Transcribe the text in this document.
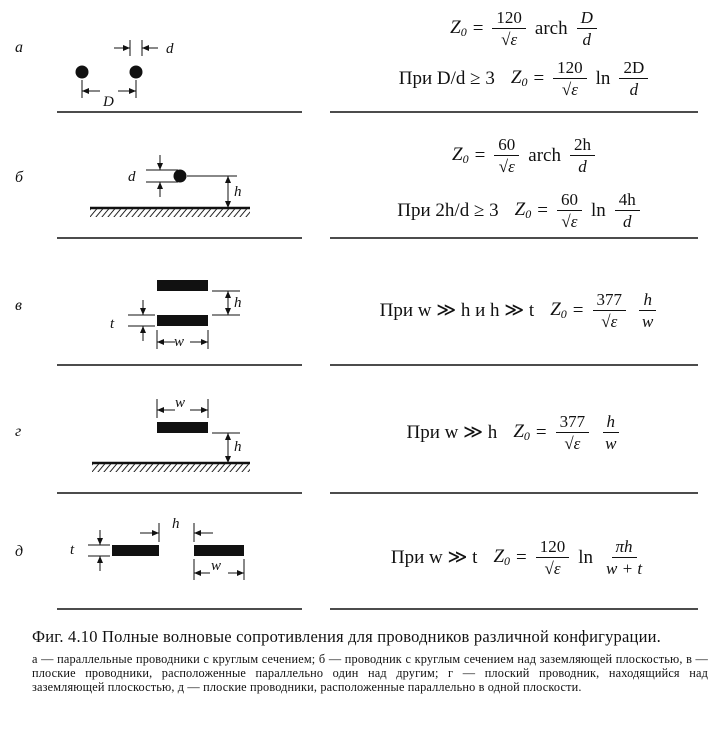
а	d
D
б	d
h
в	h
t
w
г
w
h
д	t
h
w
$Z_0 = \frac{120}{√\varepsilon}$ arch $\frac{D}{d}$
При D/d ≥ 3 $Z_0 = \frac{120}{√\varepsilon}$ $\ln \frac{2D}{d}$
$Z_0 = \frac{60}{√\varepsilon}$ arch $\frac{2h}{d}$
При 2h/d ≥ 3 $Z_0 = \frac{60}{√\varepsilon}$ $\ln \frac{4h}{d}$
При w ≫ h и h ≫ t $Z_0 = \frac{377}{√\varepsilon} \frac{h}{w}$
При w ≫ h $Z_0 = \frac{377}{√\varepsilon} \frac{h}{w}$
При w ≫ t $Z_0 = \frac{120}{√\varepsilon}$ $\ln \frac{\pi h}{w + t}$

Фиг. 4.10 Полные волновые сопротивления для проводников различной конфигурации.

а — параллельные проводники с круглым сечением; б — проводник с круглым сечением над заземляющей плоскостью, в — плоские проводники, расположенные параллельно один над другим; г — плоский проводник, находящийся над заземляющей плоскостью, д — плоские проводники, расположенные параллельно в одной плоскости.
